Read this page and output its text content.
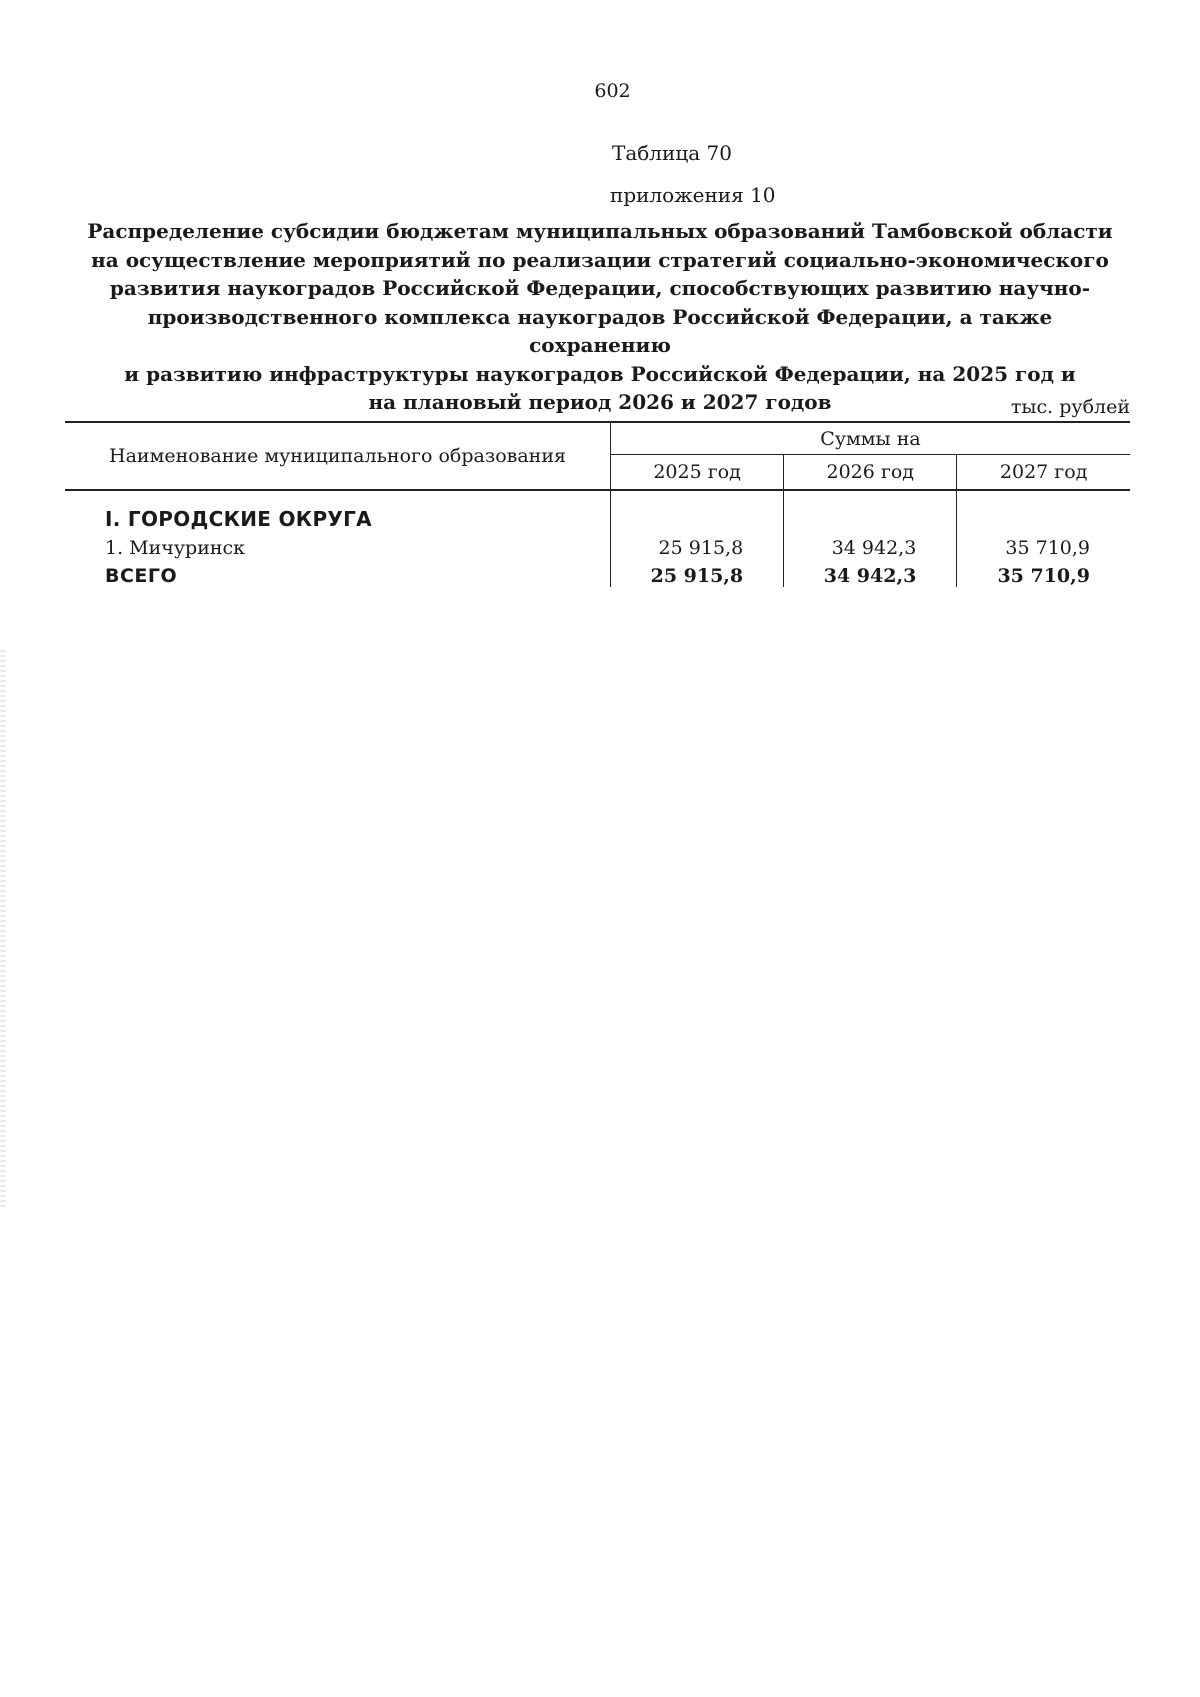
602
Таблица 70
приложения 10
Распределение субсидии бюджетам муниципальных образований Тамбовской области
на осуществление мероприятий по реализации стратегий социально-экономического
развития наукоградов Российской Федерации, способствующих развитию научно-
производственного комплекса наукоградов Российской Федерации, а также сохранению
и развитию инфраструктуры наукоградов Российской Федерации, на 2025 год и
на плановый период 2026 и 2027 годов	тыс. рублей
Наименование муниципального образования	Суммы на		
	2025 год	2026 год	2027 год

I. ГОРОДСКИЕ ОКРУГА			
1. Мичуринск	25 915,8	34 942,3	35 710,9
ВСЕГО	25 915,8	34 942,3	35 710,9
